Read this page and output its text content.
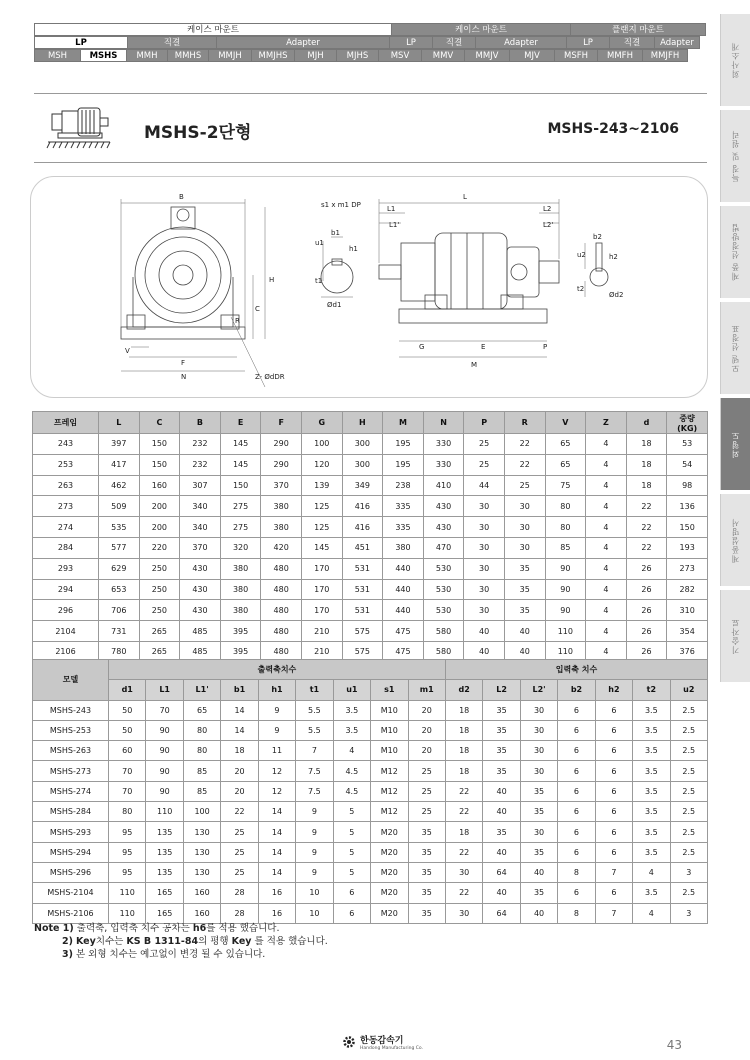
케이스 마운트	케이스 마운트	플랜지 마운트
LP	직결	Adapter	LP	직결	Adapter	LP	직결	Adapter
MSH	MSHS	MMH	MMHS	MMJH	MMJHS	MJH	MJHS	MSV	MMV	MMJV	MJV	MSFH	MMFH	MMJFH	회사소개
특징 및 원리
제품 선정방법
모델 선정표
외형도
제품설명서
기술자료
MSHS-2단형	MSHS-243~2106
B
H
C
R
V
F
N	Z- ØdDR
s1 x m1 DP
u1
b1
h1
t1
Ød1
L
L1
L1'
L2
L2'
G	E	P
M
u2
b2
h2
t2
Ød2
프레임	L	C	B	E	F	G	H	M	N	P	R	V	Z	d	중량
(KG)
243	397	150	232	145	290	100	300	195	330	25	22	65	4	18	53
253	417	150	232	145	290	120	300	195	330	25	22	65	4	18	54
263	462	160	307	150	370	139	349	238	410	44	25	75	4	18	98
273	509	200	340	275	380	125	416	335	430	30	30	80	4	22	136
274	535	200	340	275	380	125	416	335	430	30	30	80	4	22	150
284	577	220	370	320	420	145	451	380	470	30	30	85	4	22	193
293	629	250	430	380	480	170	531	440	530	30	35	90	4	26	273
294	653	250	430	380	480	170	531	440	530	30	35	90	4	26	282
296	706	250	430	380	480	170	531	440	530	30	35	90	4	26	310
2104	731	265	485	395	480	210	575	475	580	40	40	110	4	26	354
2106	780	265	485	395	480	210	575	475	580	40	40	110	4	26	376
모델	출력축치수									입력축 치수						
	d1	L1	L1'	b1	h1	t1	u1	s1	m1	d2	L2	L2'	b2	h2	t2	u2
MSHS-243	50	70	65	14	9	5.5	3.5	M10	20	18	35	30	6	6	3.5	2.5
MSHS-253	50	90	80	14	9	5.5	3.5	M10	20	18	35	30	6	6	3.5	2.5
MSHS-263	60	90	80	18	11	7	4	M10	20	18	35	30	6	6	3.5	2.5
MSHS-273	70	90	85	20	12	7.5	4.5	M12	25	18	35	30	6	6	3.5	2.5
MSHS-274	70	90	85	20	12	7.5	4.5	M12	25	22	40	35	6	6	3.5	2.5
MSHS-284	80	110	100	22	14	9	5	M12	25	22	40	35	6	6	3.5	2.5
MSHS-293	95	135	130	25	14	9	5	M20	35	18	35	30	6	6	3.5	2.5
MSHS-294	95	135	130	25	14	9	5	M20	35	22	40	35	6	6	3.5	2.5
MSHS-296	95	135	130	25	14	9	5	M20	35	30	64	40	8	7	4	3
MSHS-2104	110	165	160	28	16	10	6	M20	35	22	40	35	6	6	3.5	2.5
MSHS-2106	110	165	160	28	16	10	6	M20	35	30	64	40	8	7	4	3
Note 1) 출력축, 입력축 치수 공차는 h6를 적용 했습니다.
2) Key치수는 KS B 1311-84의 평행 Key 를 적용 했습니다.
3) 본 외형 치수는 예고없이 변경 될 수 있습니다.
한동감속기
Handong Manufacturing Co.	43
